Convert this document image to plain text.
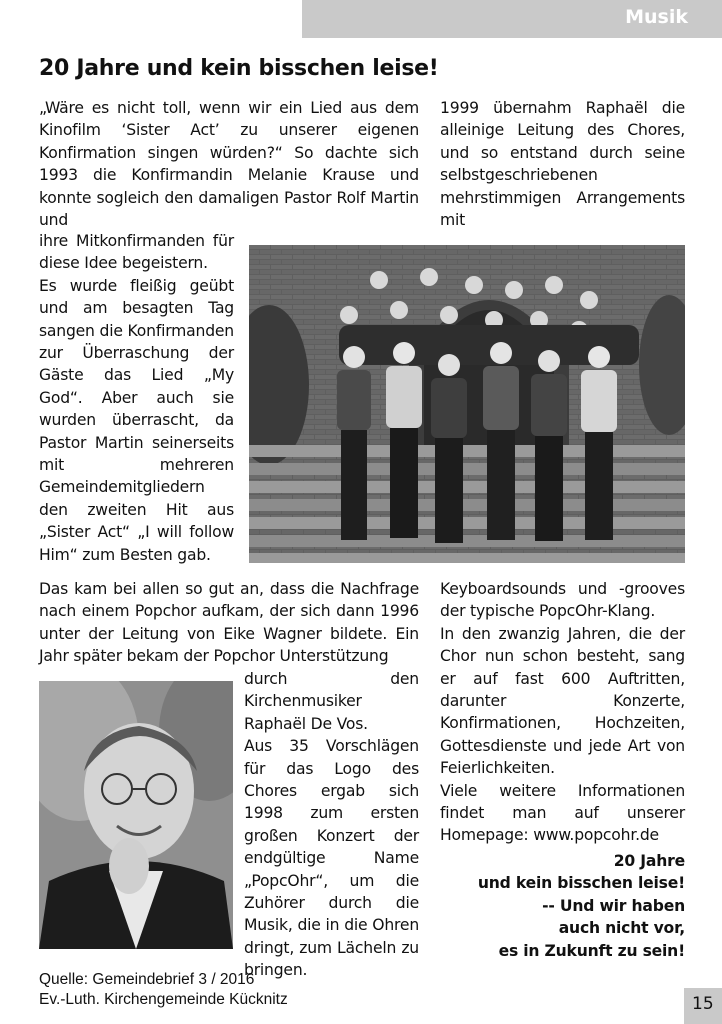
Musik
20 Jahre und kein bisschen leise!
„Wäre es nicht toll, wenn wir ein Lied aus dem Kinofilm ‘Sister Act’ zu unserer eigenen Konfirmation singen würden?“ So dachte sich 1993 die Konfirmandin Melanie Krause und konnte sogleich den damaligen Pastor Rolf Martin und

ihre Mitkonfirmanden für diese Idee begeistern.

Es wurde fleißig geübt und am besagten Tag sangen die Konfirmanden zur Überraschung der Gäste das Lied „My God“. Aber auch sie wurden überrascht, da Pastor Martin seinerseits mit mehreren Gemeindemitgliedern den zweiten Hit aus „Sister Act“ „I will follow Him“ zum Besten gab.

Das kam bei allen so gut an, dass die Nachfrage nach einem Popchor aufkam, der sich dann 1996 unter der Leitung von Eike Wagner bildete. Ein Jahr später bekam der Popchor Unterstützung

durch den Kirchenmusiker Raphaël De Vos.

Aus 35 Vorschlägen für das Logo des Chores ergab sich 1998 zum ersten großen Konzert der endgültige Name „PopcOhr“, um die Zuhörer durch die Musik, die in die Ohren dringt, zum Lächeln zu bringen.

1999 übernahm Raphaël die alleinige Leitung des Chores, und so entstand durch seine selbstgeschriebenen mehrstimmigen Arrangements mit

Keyboardsounds und -grooves der typische PopcOhr-Klang.

In den zwanzig Jahren, die der Chor nun schon besteht, sang er auf fast 600 Auftritten, darunter Konzerte, Konfirmationen, Hochzeiten, Gottesdienste und jede Art von Feierlichkeiten.

Viele weitere Informationen findet man auf unserer Homepage: www.popcohr.de

20 Jahre
und kein bisschen leise!
-- Und wir haben
auch nicht vor,
es in Zukunft zu sein!
Quelle: Gemeindebrief 3 / 2016
Ev.-Luth. Kirchengemeinde Kücknitz	15
